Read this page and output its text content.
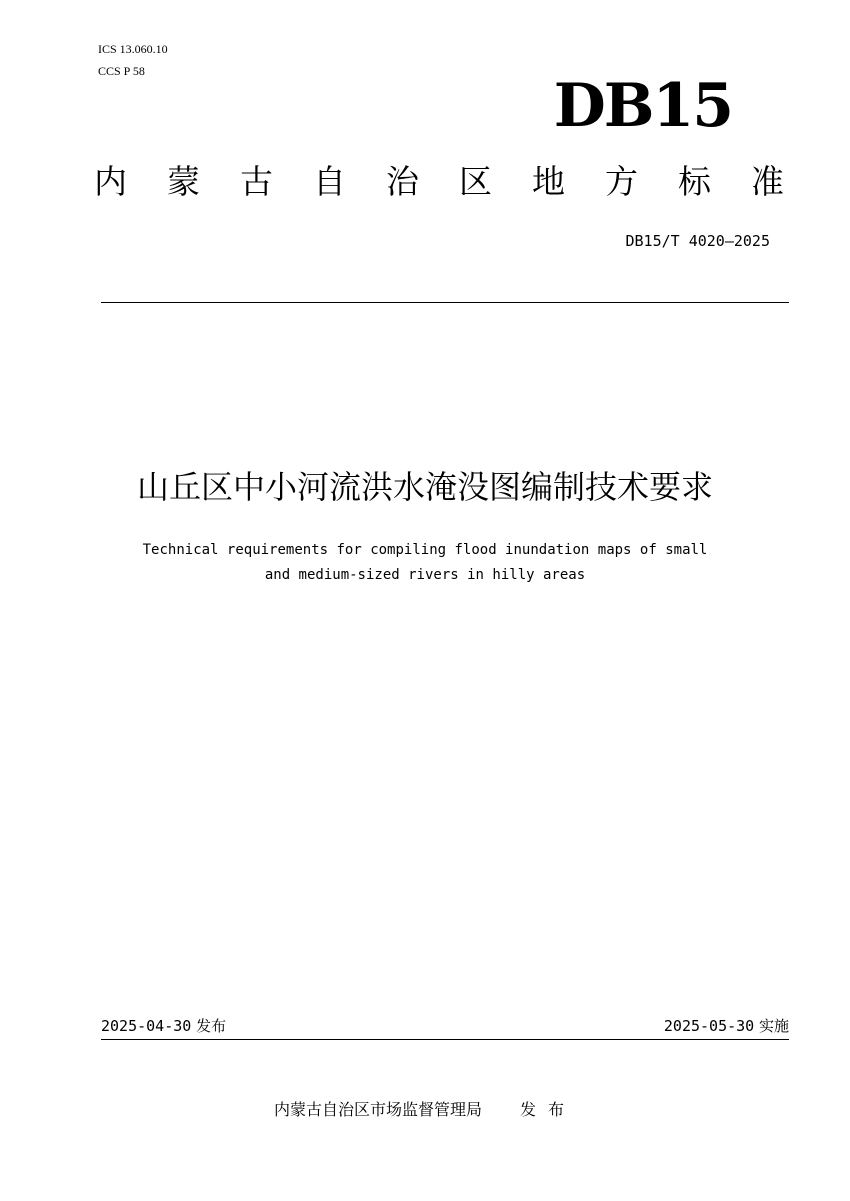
ICS 13.060.10
CCS P 58	DB15
内 蒙 古 自 治 区 地 方 标 准
DB15/T 4020—2025
山丘区中小河流洪水淹没图编制技术要求
Technical requirements for compiling flood inundation maps of small
and medium-sized rivers in hilly areas
2025-04-30 发布	2025-05-30 实施
内蒙古自治区市场监督管理局 发布
